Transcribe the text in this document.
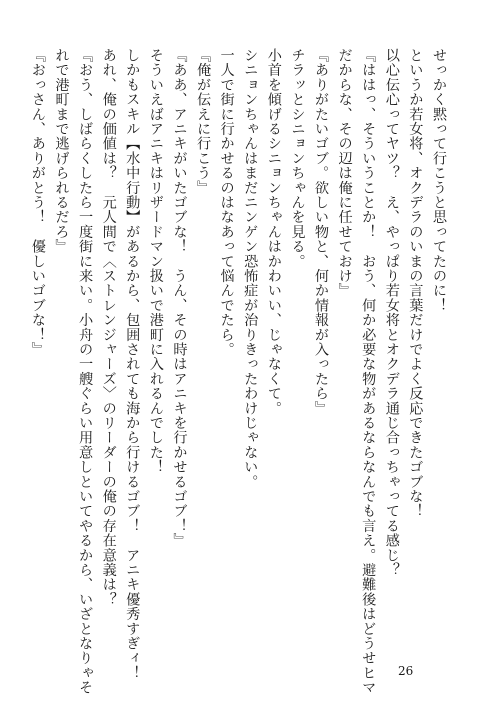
せっかく黙って行こうと思ってたのに！

というか若女将、オクデラのいまの言葉だけでよく反応できたゴブな！

以心伝心ってヤツ？　え、やっぱり若女将とオクデラ通じ合っちゃってる感じ？

『ははっ、そういうことか！　おう、何か必要な物があるならなんでも言え。避難後はどうせヒマ

だからな、その辺は俺に任せておけ』

『ありがたいゴブ。欲しい物と、何か情報が入ったら』

チラッとシニョンちゃんを見る。

小首を傾げるシニョンちゃんはかわいい、じゃなくて。

シニョンちゃんはまだニンゲン恐怖症が治りきったわけじゃない。

一人で街に行かせるのはなあって悩んでたら。

『俺が伝えに行こう』

『ああ、アニキがいたゴブな！　うん、その時はアニキを行かせるゴブ！』

そういえばアニキはリザードマン扱いで港町に入れるんでした！

しかもスキル【水中行動】があるから、包囲されても海から行けるゴブ！　アニキ優秀すぎィ！

あれ、俺の価値は？　元人間で〈ストレンジャーズ〉のリーダーの俺の存在意義は？

『おう、しばらくしたら一度街に来い。小舟の一艘ぐらい用意しといてやるから、いざとなりゃそ

れで港町まで逃げられるだろ』

『おっさん、ありがとう！　優しいゴブな！』

26
